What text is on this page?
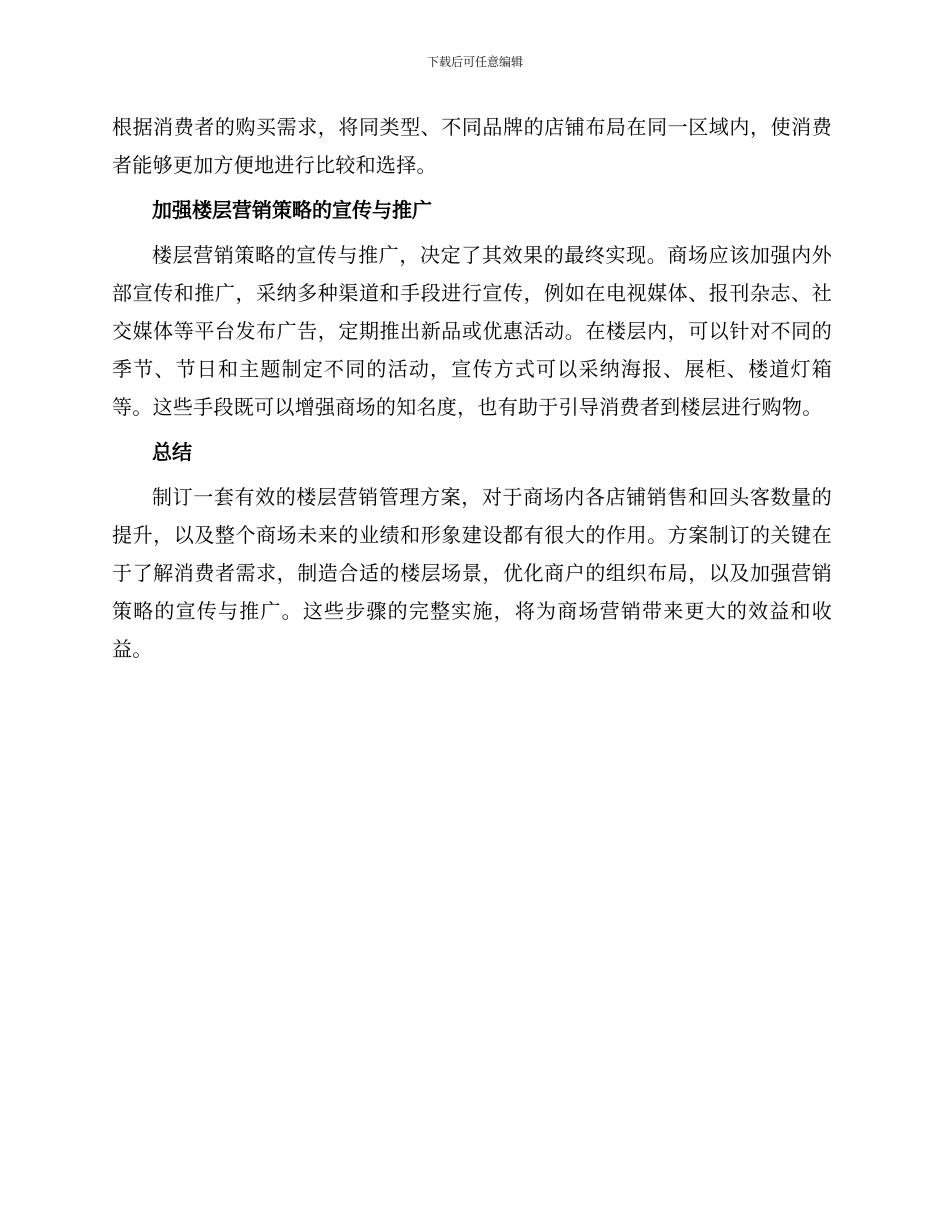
下载后可任意编辑

根据消费者的购买需求，将同类型、不同品牌的店铺布局在同一区域内，使消费者能够更加方便地进行比较和选择。

加强楼层营销策略的宣传与推广

楼层营销策略的宣传与推广，决定了其效果的最终实现。商场应该加强内外部宣传和推广，采纳多种渠道和手段进行宣传，例如在电视媒体、报刊杂志、社交媒体等平台发布广告，定期推出新品或优惠活动。在楼层内，可以针对不同的季节、节日和主题制定不同的活动，宣传方式可以采纳海报、展柜、楼道灯箱等。这些手段既可以增强商场的知名度，也有助于引导消费者到楼层进行购物。

总结

制订一套有效的楼层营销管理方案，对于商场内各店铺销售和回头客数量的提升，以及整个商场未来的业绩和形象建设都有很大的作用。方案制订的关键在于了解消费者需求，制造合适的楼层场景，优化商户的组织布局，以及加强营销策略的宣传与推广。这些步骤的完整实施，将为商场营销带来更大的效益和收益。
